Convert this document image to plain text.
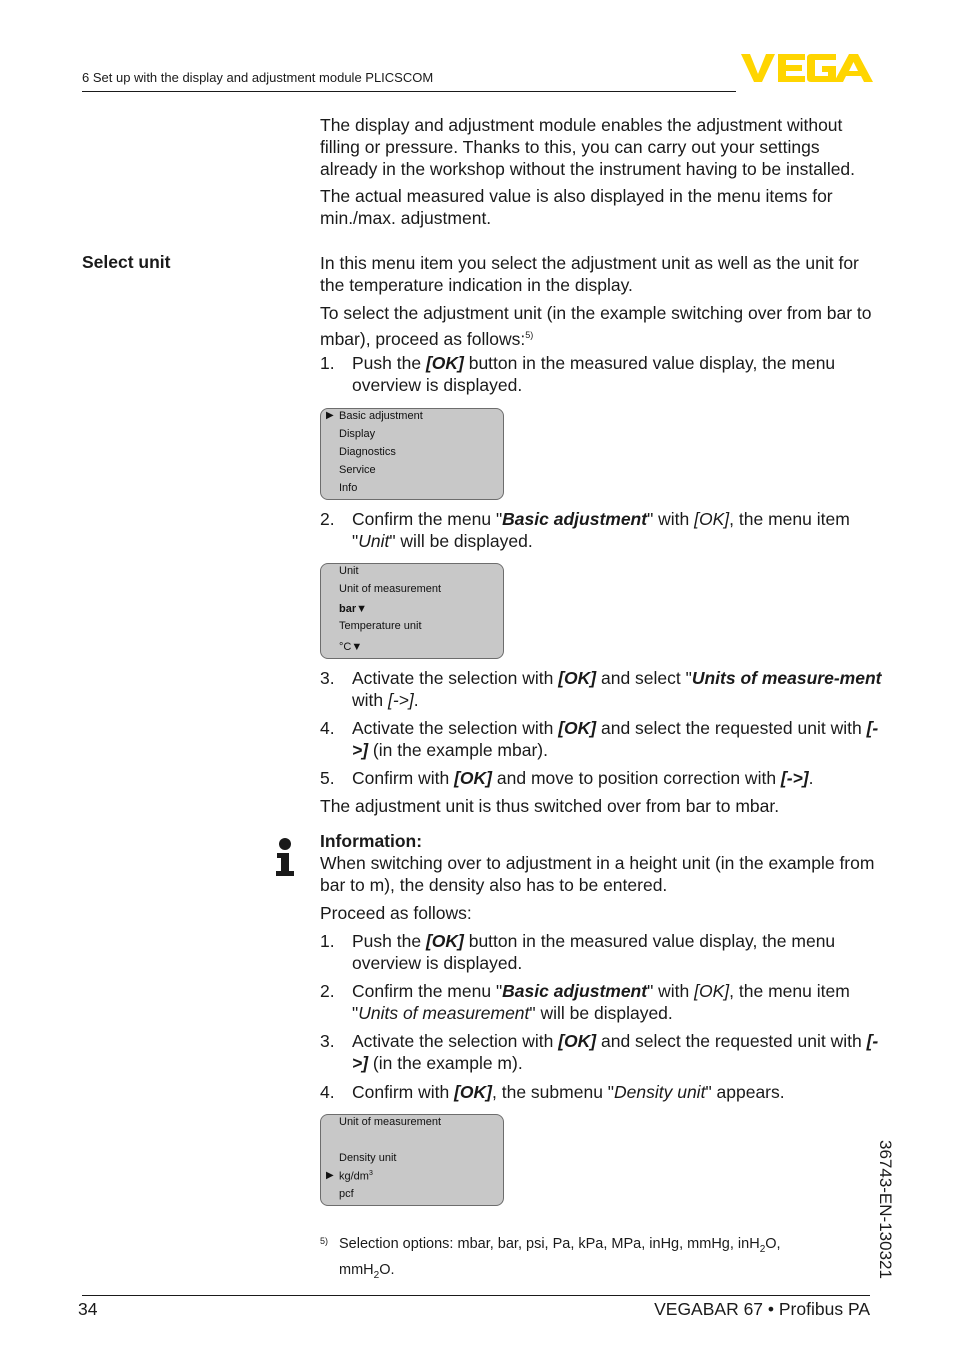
6 Set up with the display and adjustment module PLICSCOM
The display and adjustment module enables the adjustment without filling or pressure. Thanks to this, you can carry out your settings already in the workshop without the instrument having to be installed.
The actual measured value is also displayed in the menu items for min./max. adjustment.
Select unit	In this menu item you select the adjustment unit as well as the unit for the temperature indication in the display.
To select the adjustment unit (in the example switching over from bar to mbar), proceed as follows:$^{5)}$
1. Push the [OK] button in the measured value display, the menu overview is displayed.
▶ Basic adjustment
Display
Diagnostics
Service
Info
2. Confirm the menu "Basic adjustment" with [OK], the menu item "Unit" will be displayed.
Unit
Unit of measurement
bar▼
Temperature unit
°C▼
3. Activate the selection with [OK] and select "Units of measure-ment with [->].
4. Activate the selection with [OK] and select the requested unit with [->] (in the example mbar).
5. Confirm with [OK] and move to position correction with [->].
The adjustment unit is thus switched over from bar to mbar.
Information:
When switching over to adjustment in a height unit (in the example from bar to m), the density also has to be entered.
Proceed as follows:
1. Push the [OK] button in the measured value display, the menu overview is displayed.
2. Confirm the menu "Basic adjustment" with [OK], the menu item "Units of measurement" will be displayed.
3. Activate the selection with [OK] and select the requested unit with [->] (in the example m).
4. Confirm with [OK], the submenu "Density unit" appears.
Unit of measurement
Density unit
▶ $kg/dm^3$
pcf
5) Selection options: mbar, bar, psi, Pa, kPa, MPa, inHg, mmHg, inH$_2$O,
mmH$_2$O.
34	VEGABAR 67 • Profibus PA
36743-EN-130321
